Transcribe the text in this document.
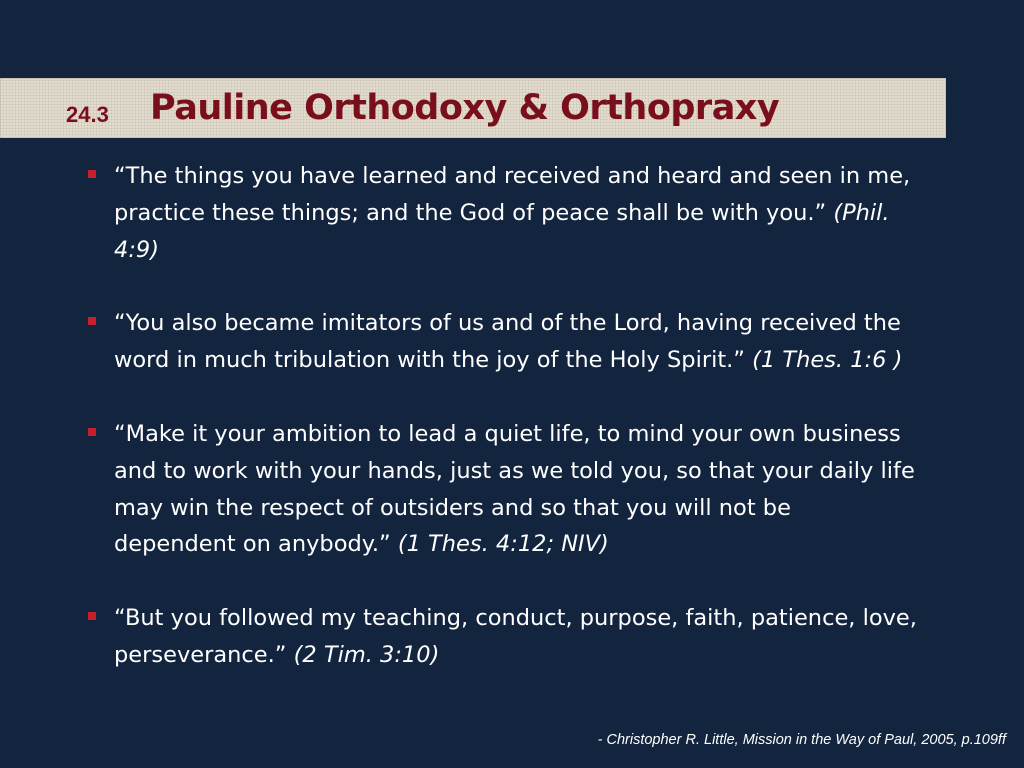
24.3 Pauline Orthodoxy & Orthopraxy
“The things you have learned and received and heard and seen in me, practice these things; and the God of peace shall be with you.” (Phil. 4:9)
“You also became imitators of us and of the Lord, having received the word in much tribulation with the joy of the Holy Spirit.” (1 Thes. 1:6 )
“Make it your ambition to lead a quiet life, to mind your own business and to work with your hands, just as we told you, so that your daily life may win the respect of outsiders and so that you will not be dependent on anybody.” (1 Thes. 4:12; NIV)
“But you followed my teaching, conduct, purpose, faith, patience, love, perseverance.” (2 Tim. 3:10)
- Christopher R. Little, Mission in the Way of Paul, 2005, p.109ff
